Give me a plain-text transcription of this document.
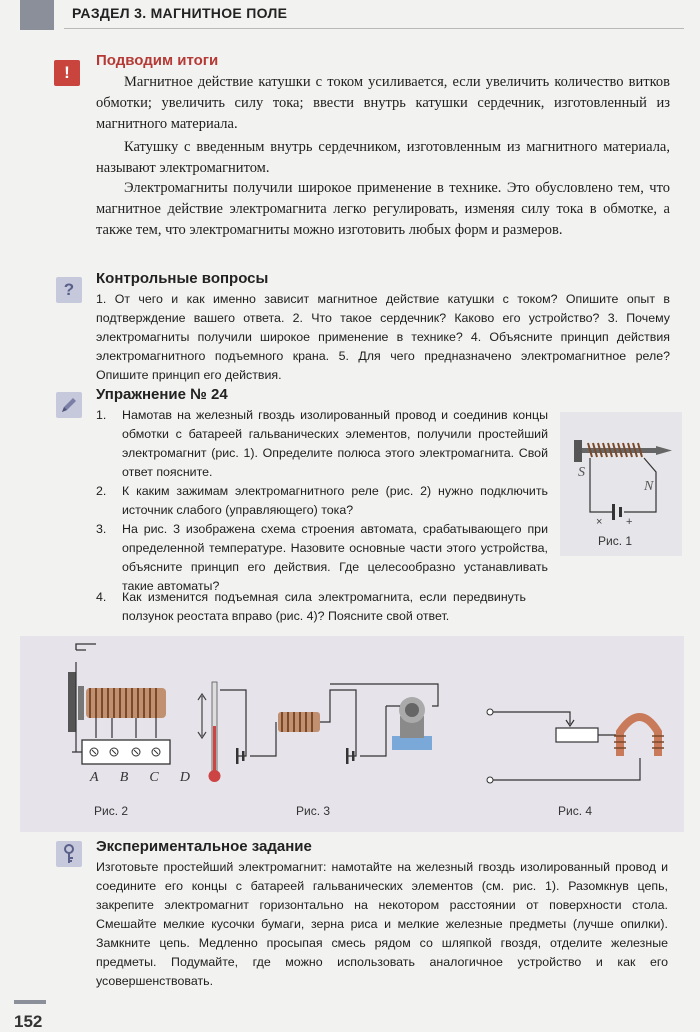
РАЗДЕЛ 3. МАГНИТНОЕ ПОЛЕ
!
Подводим итоги
Магнитное действие катушки с током усиливается, если увеличить количество витков обмотки; увеличить силу тока; ввести внутрь катушки сердечник, изготовленный из магнитного материала.
Катушку с введенным внутрь сердечником, изготовленным из магнитного материала, называют электромагнитом.
Электромагниты получили широкое применение в технике. Это обусловлено тем, что магнитное действие электромагнита легко регулировать, изменяя силу тока в обмотке, а также тем, что электромагниты можно изготовить любых форм и размеров.
?
Контрольные вопросы
1. От чего и как именно зависит магнитное действие катушки с током? Опишите опыт в подтверждение вашего ответа. 2. Что такое сердечник? Каково его устройство? 3. Почему электромагниты получили широкое применение в технике? 4. Объясните принцип действия электромагнитного подъемного крана. 5. Для чего предназначено электромагнитное реле? Опишите принцип его действия.
Упражнение № 24
1. Намотав на железный гвоздь изолированный провод и соединив концы обмотки с батареей гальванических элементов, получили простейший электромагнит (рис. 1). Определите полюса этого электромагнита. Свой ответ поясните.
2. К каким зажимам электромагнитного реле (рис. 2) нужно подключить источник слабого (управляющего) тока?
3. На рис. 3 изображена схема строения автомата, срабатывающего при определенной температуре. Назовите основные части этого устройства, объясните принцип его действия. Где целесообразно устанавливать такие автоматы?
4. Как изменится подъемная сила электромагнита, если передвинуть ползунок реостата вправо (рис. 4)? Поясните свой ответ.
S
N
× +
Рис. 1
A B C D
Рис. 2	Рис. 3	Рис. 4
Экспериментальное задание
Изготовьте простейший электромагнит: намотайте на железный гвоздь изолированный провод и соедините его концы с батареей гальванических элементов (см. рис. 1). Разомкнув цепь, закрепите электромагнит горизонтально на некотором расстоянии от поверхности стола. Смешайте мелкие кусочки бумаги, зерна риса и мелкие железные предметы (лучше опилки). Замкните цепь. Медленно просыпая смесь рядом со шляпкой гвоздя, отделите железные предметы. Подумайте, где можно использовать аналогичное устройство и как его усовершенствовать.
152
